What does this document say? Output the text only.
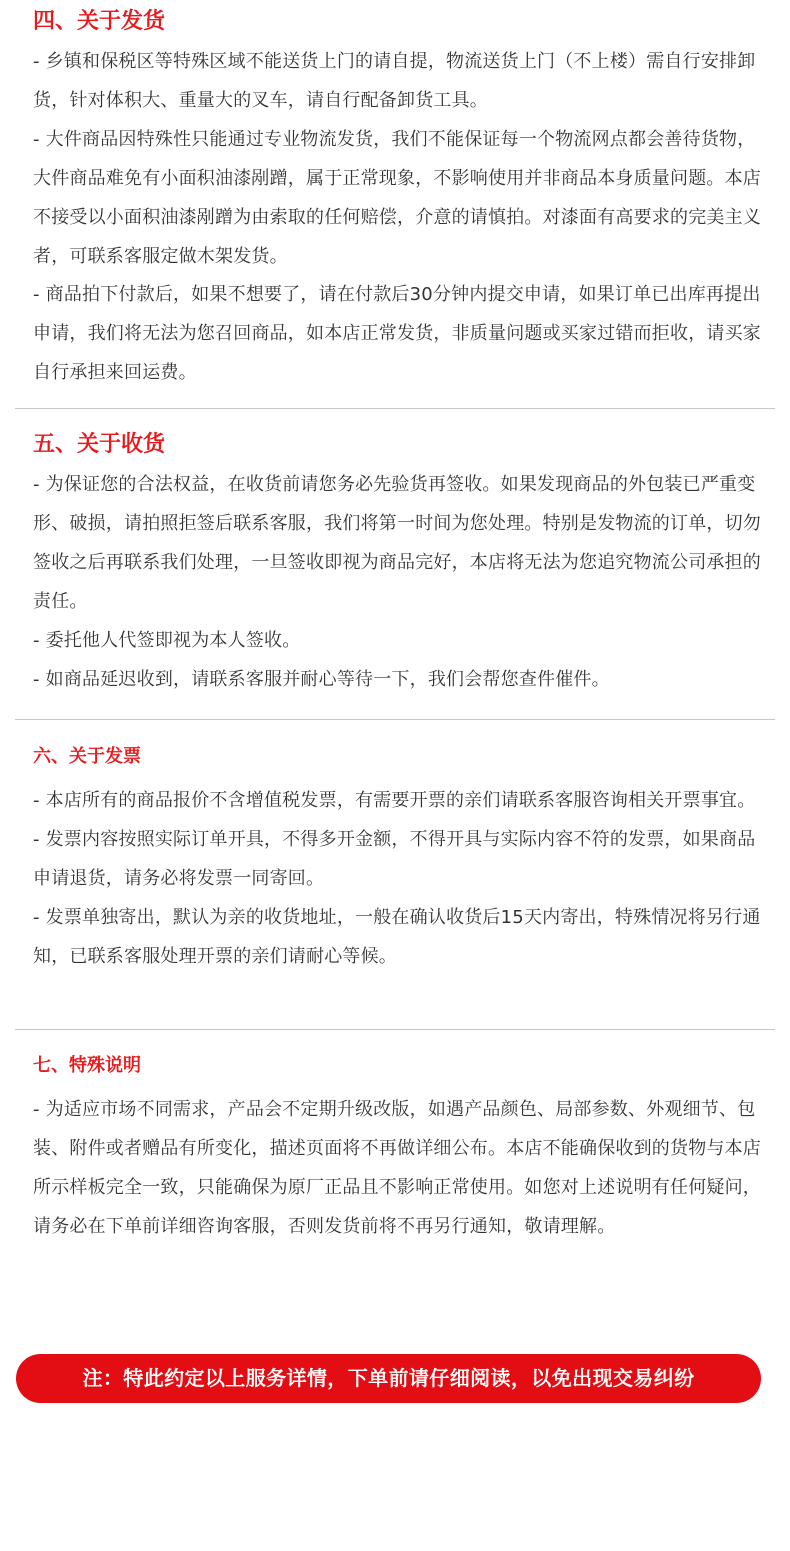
四、关于发货

- 乡镇和保税区等特殊区域不能送货上门的请自提，物流送货上门（不上楼）需自行安排卸货，针对体积大、重量大的叉车，请自行配备卸货工具。

- 大件商品因特殊性只能通过专业物流发货，我们不能保证每一个物流网点都会善待货物，大件商品难免有小面积油漆剐蹭，属于正常现象，不影响使用并非商品本身质量问题。本店不接受以小面积油漆剐蹭为由索取的任何赔偿，介意的请慎拍。对漆面有高要求的完美主义者，可联系客服定做木架发货。

- 商品拍下付款后，如果不想要了，请在付款后30分钟内提交申请，如果订单已出库再提出申请，我们将无法为您召回商品，如本店正常发货，非质量问题或买家过错而拒收，请买家自行承担来回运费。

五、关于收货

- 为保证您的合法权益，在收货前请您务必先验货再签收。如果发现商品的外包装已严重变形、破损，请拍照拒签后联系客服，我们将第一时间为您处理。特别是发物流的订单，切勿签收之后再联系我们处理，一旦签收即视为商品完好，本店将无法为您追究物流公司承担的责任。

- 委托他人代签即视为本人签收。

- 如商品延迟收到，请联系客服并耐心等待一下，我们会帮您查件催件。

六、关于发票

- 本店所有的商品报价不含增值税发票，有需要开票的亲们请联系客服咨询相关开票事宜。

- 发票内容按照实际订单开具，不得多开金额，不得开具与实际内容不符的发票，如果商品申请退货，请务必将发票一同寄回。

- 发票单独寄出，默认为亲的收货地址，一般在确认收货后15天内寄出，特殊情况将另行通知，已联系客服处理开票的亲们请耐心等候。

七、特殊说明

- 为适应市场不同需求，产品会不定期升级改版，如遇产品颜色、局部参数、外观细节、包装、附件或者赠品有所变化，描述页面将不再做详细公布。本店不能确保收到的货物与本店所示样板完全一致，只能确保为原厂正品且不影响正常使用。如您对上述说明有任何疑问，请务必在下单前详细咨询客服，否则发货前将不再另行通知，敬请理解。

注：特此约定以上服务详情，下单前请仔细阅读，以免出现交易纠纷
